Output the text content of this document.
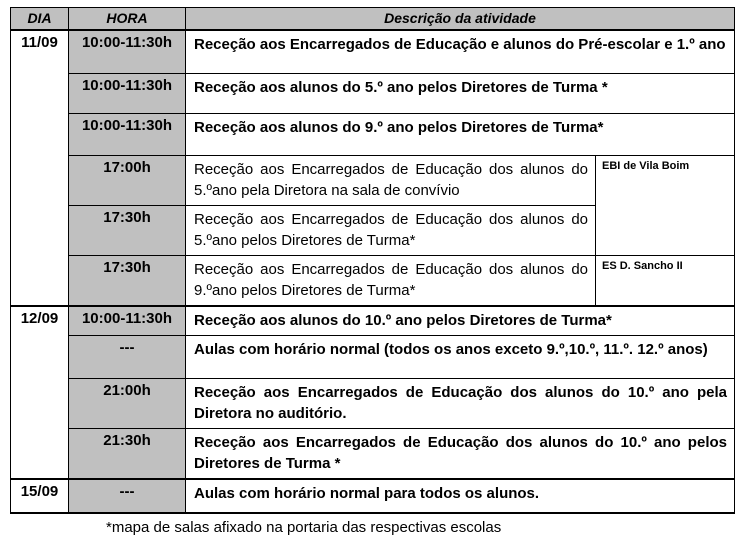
DIA	HORA	Descrição da atividade	
11/09	10:00-11:30h	Receção aos Encarregados de Educação e alunos do Pré-escolar e 1.º ano	
	10:00-11:30h	Receção aos alunos do 5.º ano pelos Diretores de Turma *	
	10:00-11:30h	Receção aos alunos do 9.º ano pelos Diretores de Turma*	
	17:00h	Receção aos Encarregados de Educação dos alunos do 5.ºano pela Diretora na sala de convívio	EBI de Vila Boim
	17:30h	Receção aos Encarregados de Educação dos alunos do 5.ºano pelos Diretores de Turma*	
	17:30h	Receção aos Encarregados de Educação dos alunos do 9.ºano pelos Diretores de Turma*	ES D. Sancho II
12/09	10:00-11:30h	Receção aos alunos do 10.º ano pelos Diretores de Turma*	
	---	Aulas com horário normal (todos os anos exceto 9.º,10.º, 11.º. 12.º anos)	
	21:00h	Receção aos Encarregados de Educação dos alunos do 10.º ano pela Diretora no auditório.	
	21:30h	Receção aos Encarregados de Educação dos alunos do 10.º ano pelos Diretores de Turma *	
15/09	---	Aulas com horário normal para todos os alunos.	
*mapa de salas afixado na portaria das respectivas escolas
